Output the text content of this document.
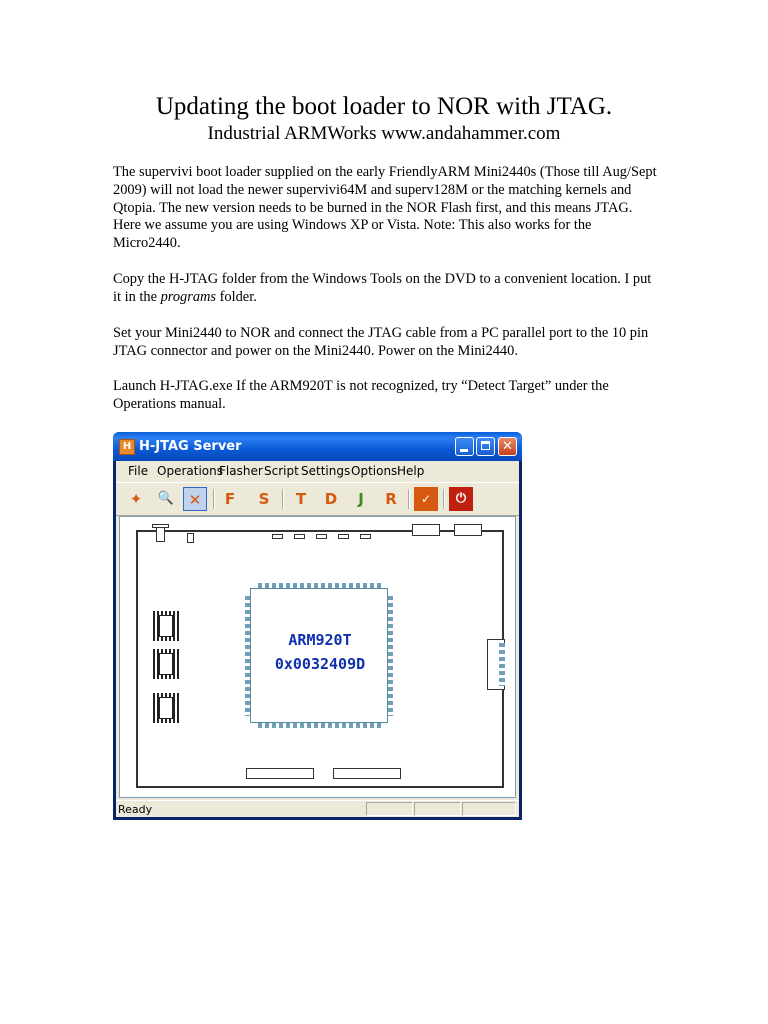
Updating the boot loader to NOR with JTAG.
Industrial ARMWorks www.andahammer.com

The supervivi boot loader supplied on the early FriendlyARM Mini2440s (Those till Aug/Sept 2009) will not load the newer supervivi64M and superv128M or the matching kernels and Qtopia. The new version needs to be burned in the NOR Flash first, and this means JTAG. Here we assume you are using Windows XP or Vista. Note: This also works for the Micro2440.

Copy the H-JTAG folder from the Windows Tools on the DVD to a convenient location. I put it in the programs folder.

Set your Mini2440 to NOR and connect the JTAG cable from a PC parallel port to the 10 pin JTAG connector and power on the Mini2440. Power on the Mini2440.

Launch H-JTAG.exe If the ARM920T is not recognized, try “Detect Target” under the Operations manual.

H H-JTAG Server	✕
File Operations
Flasher Script Settings Options Help
✦	🔍 ✕	F	S	T	D	J	R	✓	⏻
ARM920T
0x0032409D
Ready
